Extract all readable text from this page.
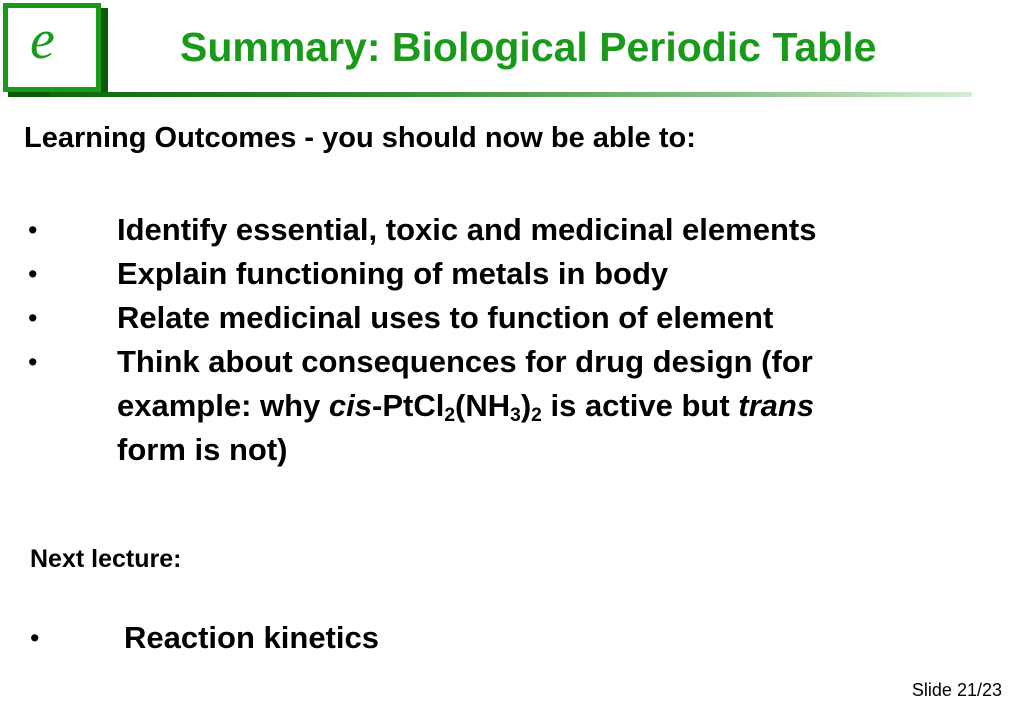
e	Summary: Biological Periodic Table
Learning Outcomes - you should now be able to:
•	Identify essential, toxic and medicinal elements
•	Explain functioning of metals in body
•	Relate medicinal uses to function of element
•	Think about consequences for drug design (for
example: why cis-$PtCl_2(NH_3)_2$ is active but trans
form is not)
Next lecture:
•	Reaction kinetics
Slide 21/23
